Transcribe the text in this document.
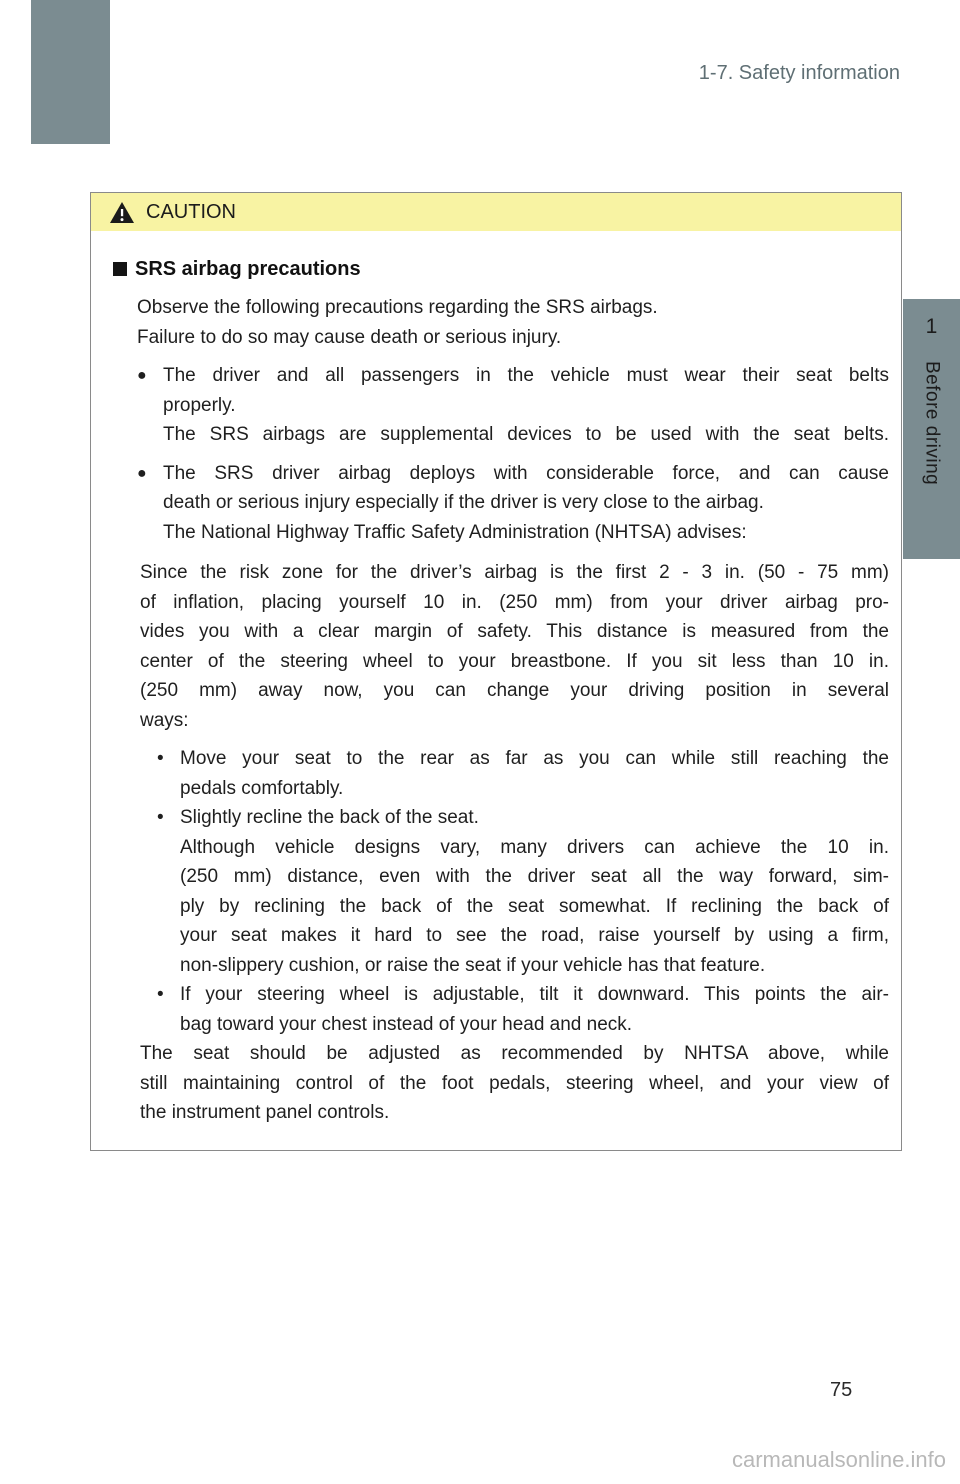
1-7. Safety information
1
Before driving
CAUTION
SRS airbag precautions
Observe the following precautions regarding the SRS airbags.
Failure to do so may cause death or serious injury.
● The driver and all passengers in the vehicle must wear their seat belts
properly.
The SRS airbags are supplemental devices to be used with the seat belts.
● The SRS driver airbag deploys with considerable force, and can cause
death or serious injury especially if the driver is very close to the airbag.
The National Highway Traffic Safety Administration (NHTSA) advises:
Since the risk zone for the driver’s airbag is the first 2 - 3 in. (50 - 75 mm)
of inflation, placing yourself 10 in. (250 mm) from your driver airbag pro-
vides you with a clear margin of safety. This distance is measured from the
center of the steering wheel to your breastbone. If you sit less than 10 in.
(250 mm) away now, you can change your driving position in several
ways:
• Move your seat to the rear as far as you can while still reaching the
pedals comfortably.
• Slightly recline the back of the seat.
Although vehicle designs vary, many drivers can achieve the 10 in.
(250 mm) distance, even with the driver seat all the way forward, sim-
ply by reclining the back of the seat somewhat. If reclining the back of
your seat makes it hard to see the road, raise yourself by using a firm,
non-slippery cushion, or raise the seat if your vehicle has that feature.
• If your steering wheel is adjustable, tilt it downward. This points the air-
bag toward your chest instead of your head and neck.
The seat should be adjusted as recommended by NHTSA above, while
still maintaining control of the foot pedals, steering wheel, and your view of
the instrument panel controls.
75
carmanualsonline.info
